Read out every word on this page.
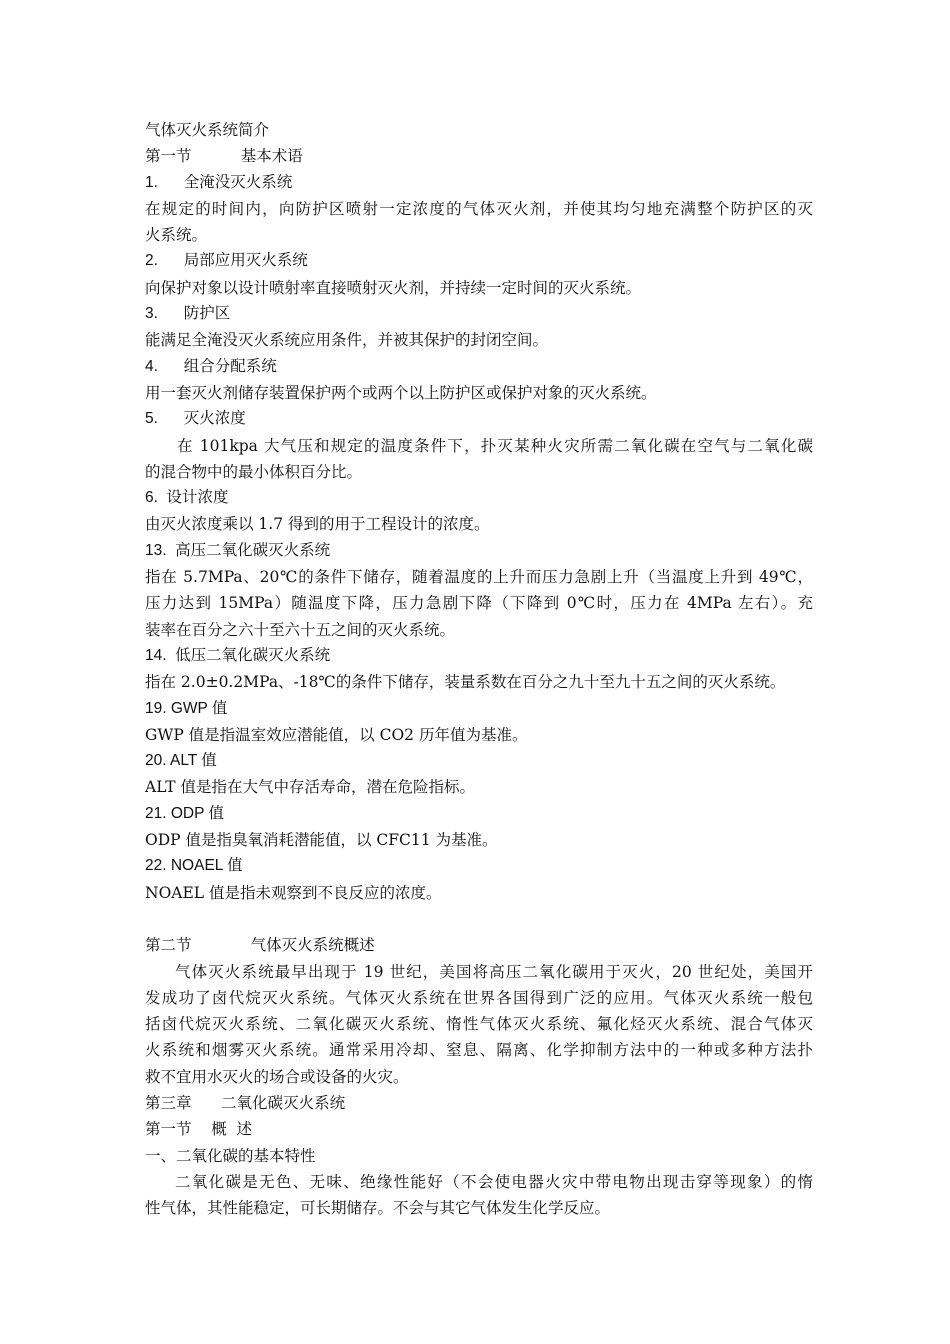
气体灭火系统简介
第一节          基本术语
1.      全淹没灭火系统
在规定的时间内，向防护区喷射一定浓度的气体灭火剂，并使其均匀地充满整个防护区的灭
火系统。
2.      局部应用灭火系统
向保护对象以设计喷射率直接喷射灭火剂，并持续一定时间的灭火系统。
3.      防护区
能满足全淹没灭火系统应用条件，并被其保护的封闭空间。
4.      组合分配系统
用一套灭火剂储存装置保护两个或两个以上防护区或保护对象的灭火系统。
5.      灭火浓度
在 101kpa 大气压和规定的温度条件下，扑灭某种火灾所需二氧化碳在空气与二氧化碳
的混合物中的最小体积百分比。
6.  设计浓度
由灭火浓度乘以 1.7 得到的用于工程设计的浓度。
13.  高压二氧化碳灭火系统
指在 5.7MPa、20℃的条件下储存，随着温度的上升而压力急剧上升（当温度上升到 49℃，
压力达到 15MPa）随温度下降，压力急剧下降（下降到 0℃时，压力在 4MPa 左右）。充
装率在百分之六十至六十五之间的灭火系统。
14.  低压二氧化碳灭火系统
指在 2.0±0.2MPa、-18℃的条件下储存，装量系数在百分之九十至九十五之间的灭火系统。
19. GWP 值
GWP 值是指温室效应潜能值，以 CO2 历年值为基准。
20. ALT 值
ALT 值是指在大气中存活寿命，潜在危险指标。
21. ODP 值
ODP 值是指臭氧消耗潜能值，以 CFC11 为基准。
22. NOAEL 值
NOAEL 值是指未观察到不良反应的浓度。
第二节            气体灭火系统概述
气体灭火系统最早出现于 19 世纪，美国将高压二氧化碳用于灭火，20 世纪处，美国开
发成功了卤代烷灭火系统。气体灭火系统在世界各国得到广泛的应用。气体灭火系统一般包
括卤代烷灭火系统、二氧化碳灭火系统、惰性气体灭火系统、氟化烃灭火系统、混合气体灭
火系统和烟雾灭火系统。通常采用冷却、窒息、隔离、化学抑制方法中的一种或多种方法扑
救不宜用水灭火的场合或设备的火灾。
第三章      二氧化碳灭火系统
第一节    概  述
一、二氧化碳的基本特性
二氧化碳是无色、无味、绝缘性能好（不会使电器火灾中带电物出现击穿等现象）的惰
性气体，其性能稳定，可长期储存。不会与其它气体发生化学反应。
